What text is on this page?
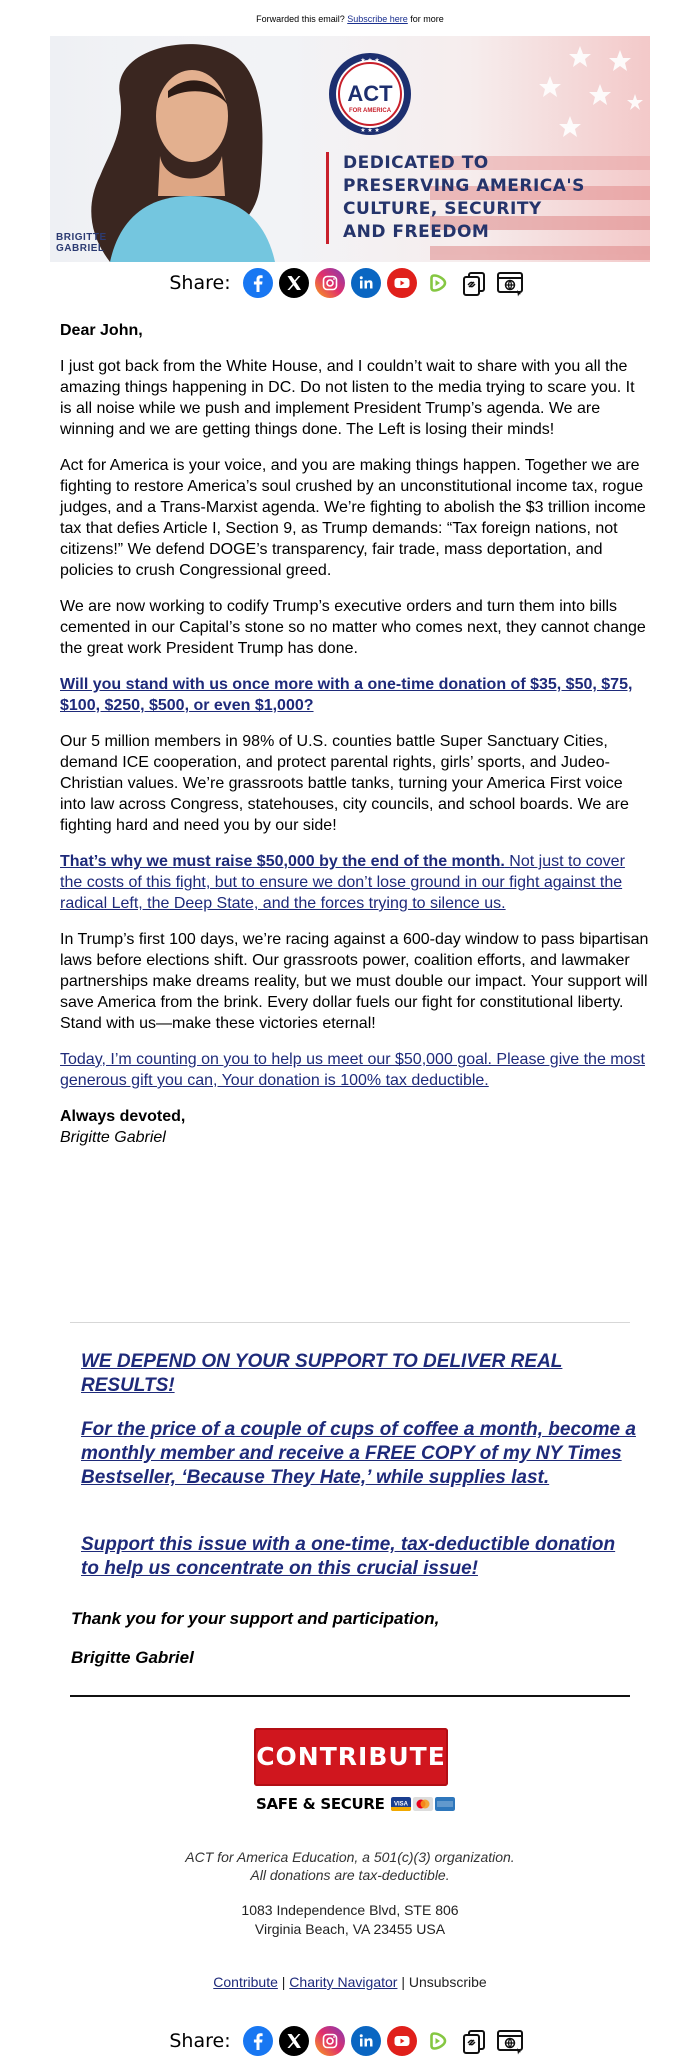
Forwarded this email? Subscribe here for more
BRIGITTE
GABRIEL
★ ★ ★
★ ★ ★
ACT
FOR AMERICA
DEDICATED TO
PRESERVING AMERICA'S
CULTURE, SECURITY
AND FREEDOM
Share:

Dear John,

I just got back from the White House, and I couldn’t wait to share with you all the amazing things happening in DC. Do not listen to the media trying to scare you. It is all noise while we push and implement President Trump’s agenda. We are winning and we are getting things done. The Left is losing their minds!

Act for America is your voice, and you are making things happen. Together we are fighting to restore America’s soul crushed by an unconstitutional income tax, rogue judges, and a Trans-Marxist agenda. We’re fighting to abolish the $3 trillion income tax that defies Article I, Section 9, as Trump demands: “Tax foreign nations, not citizens!” We defend DOGE’s transparency, fair trade, mass deportation, and policies to crush Congressional greed.

We are now working to codify Trump’s executive orders and turn them into bills cemented in our Capital’s stone so no matter who comes next, they cannot change the great work President Trump has done.

Will you stand with us once more with a one-time donation of $35, $50, $75, $100, $250, $500, or even $1,000?

Our 5 million members in 98% of U.S. counties battle Super Sanctuary Cities, demand ICE cooperation, and protect parental rights, girls’ sports, and Judeo-Christian values. We’re grassroots battle tanks, turning your America First voice into law across Congress, statehouses, city councils, and school boards. We are fighting hard and need you by our side!

That’s why we must raise $50,000 by the end of the month. Not just to cover the costs of this fight, but to ensure we don’t lose ground in our fight against the radical Left, the Deep State, and the forces trying to silence us.

In Trump’s first 100 days, we’re racing against a 600-day window to pass bipartisan laws before elections shift. Our grassroots power, coalition efforts, and lawmaker partnerships make dreams reality, but we must double our impact. Your support will save America from the brink. Every dollar fuels our fight for constitutional liberty. Stand with us—make these victories eternal!

Today, I’m counting on you to help us meet our $50,000 goal. Please give the most generous gift you can, Your donation is 100% tax deductible.

Always devoted,
Brigitte Gabriel
WE DEPEND ON YOUR SUPPORT TO DELIVER REAL RESULTS!
For the price of a couple of cups of coffee a month, become a monthly member and receive a FREE COPY of my NY Times Bestseller, ‘Because They Hate,’ while supplies last.
Support this issue with a one-time, tax-deductible donation to help us concentrate on this crucial issue!
Thank you for your support and participation,
Brigitte Gabriel
CONTRIBUTE
SAFE & SECURE VISA
ACT for America Education, a 501(c)(3) organization.
All donations are tax-deductible.
1083 Independence Blvd, STE 806
Virginia Beach, VA 23455 USA
Contribute | Charity Navigator | Unsubscribe
Share:
